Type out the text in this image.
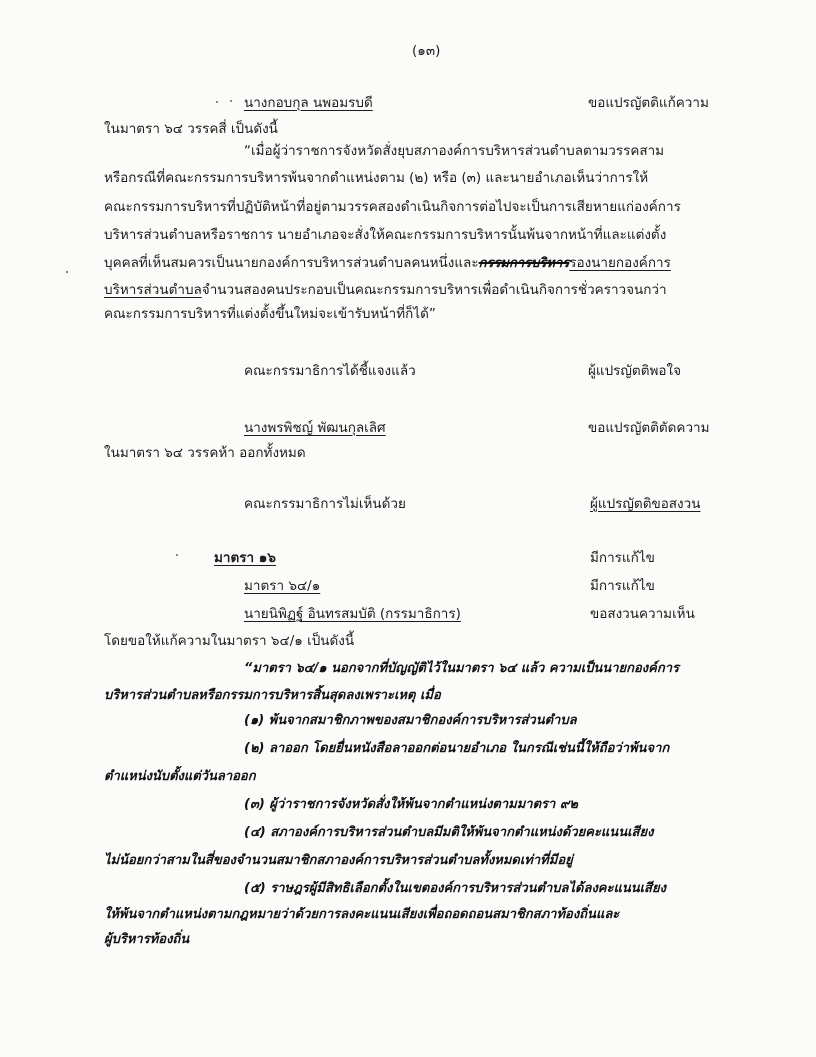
(๑๓)
นางกอบกุล นพอมรบดี	ขอแปรญัตติแก้ความ
ในมาตรา ๖๔ วรรคสี่ เป็นดังนี้
“เมื่อผู้ว่าราชการจังหวัดสั่งยุบสภาองค์การบริหารส่วนตำบลตามวรรคสาม
หรือกรณีที่คณะกรรมการบริหารพ้นจากตำแหน่งตาม (๒) หรือ (๓) และนายอำเภอเห็นว่าการให้
คณะกรรมการบริหารที่ปฏิบัติหน้าที่อยู่ตามวรรคสองดำเนินกิจการต่อไปจะเป็นการเสียหายแก่องค์การ
บริหารส่วนตำบลหรือราชการ นายอำเภอจะสั่งให้คณะกรรมการบริหารนั้นพ้นจากหน้าที่และแต่งตั้ง
บุคคลที่เห็นสมควรเป็นนายกองค์การบริหารส่วนตำบลคนหนึ่งและกรรมการบริหารรองนายกองค์การ
บริหารส่วนตำบลจำนวนสองคนประกอบเป็นคณะกรรมการบริหารเพื่อดำเนินกิจการชั่วคราวจนกว่า
คณะกรรมการบริหารที่แต่งตั้งขึ้นใหม่จะเข้ารับหน้าที่ก็ได้”
คณะกรรมาธิการได้ชี้แจงแล้ว	ผู้แปรญัตติพอใจ
นางพรพิชญ์ พัฒนกุลเลิศ	ขอแปรญัตติตัดความ
ในมาตรา ๖๔ วรรคห้า ออกทั้งหมด
คณะกรรมาธิการไม่เห็นด้วย	ผู้แปรญัตติขอสงวน
มาตรา ๑๖	มีการแก้ไข
มาตรา ๖๔/๑	มีการแก้ไข
นายนิพิฏฐ์ อินทรสมบัติ (กรรมาธิการ)	ขอสงวนความเห็น
โดยขอให้แก้ความในมาตรา ๖๔/๑ เป็นดังนี้
“มาตรา ๖๔/๑ นอกจากที่บัญญัติไว้ในมาตรา ๖๔ แล้ว ความเป็นนายกองค์การ
บริหารส่วนตำบลหรือกรรมการบริหารสิ้นสุดลงเพราะเหตุ เมื่อ
(๑) พ้นจากสมาชิกภาพของสมาชิกองค์การบริหารส่วนตำบล
(๒) ลาออก โดยยื่นหนังสือลาออกต่อนายอำเภอ ในกรณีเช่นนี้ให้ถือว่าพ้นจาก
ตำแหน่งนับตั้งแต่วันลาออก
(๓) ผู้ว่าราชการจังหวัดสั่งให้พ้นจากตำแหน่งตามมาตรา ๙๒
(๔) สภาองค์การบริหารส่วนตำบลมีมติให้พ้นจากตำแหน่งด้วยคะแนนเสียง
ไม่น้อยกว่าสามในสี่ของจำนวนสมาชิกสภาองค์การบริหารส่วนตำบลทั้งหมดเท่าที่มีอยู่
(๕) ราษฎรผู้มีสิทธิเลือกตั้งในเขตองค์การบริหารส่วนตำบลได้ลงคะแนนเสียง
ให้พ้นจากตำแหน่งตามกฎหมายว่าด้วยการลงคะแนนเสียงเพื่อถอดถอนสมาชิกสภาท้องถิ่นและ
ผู้บริหารท้องถิ่น
